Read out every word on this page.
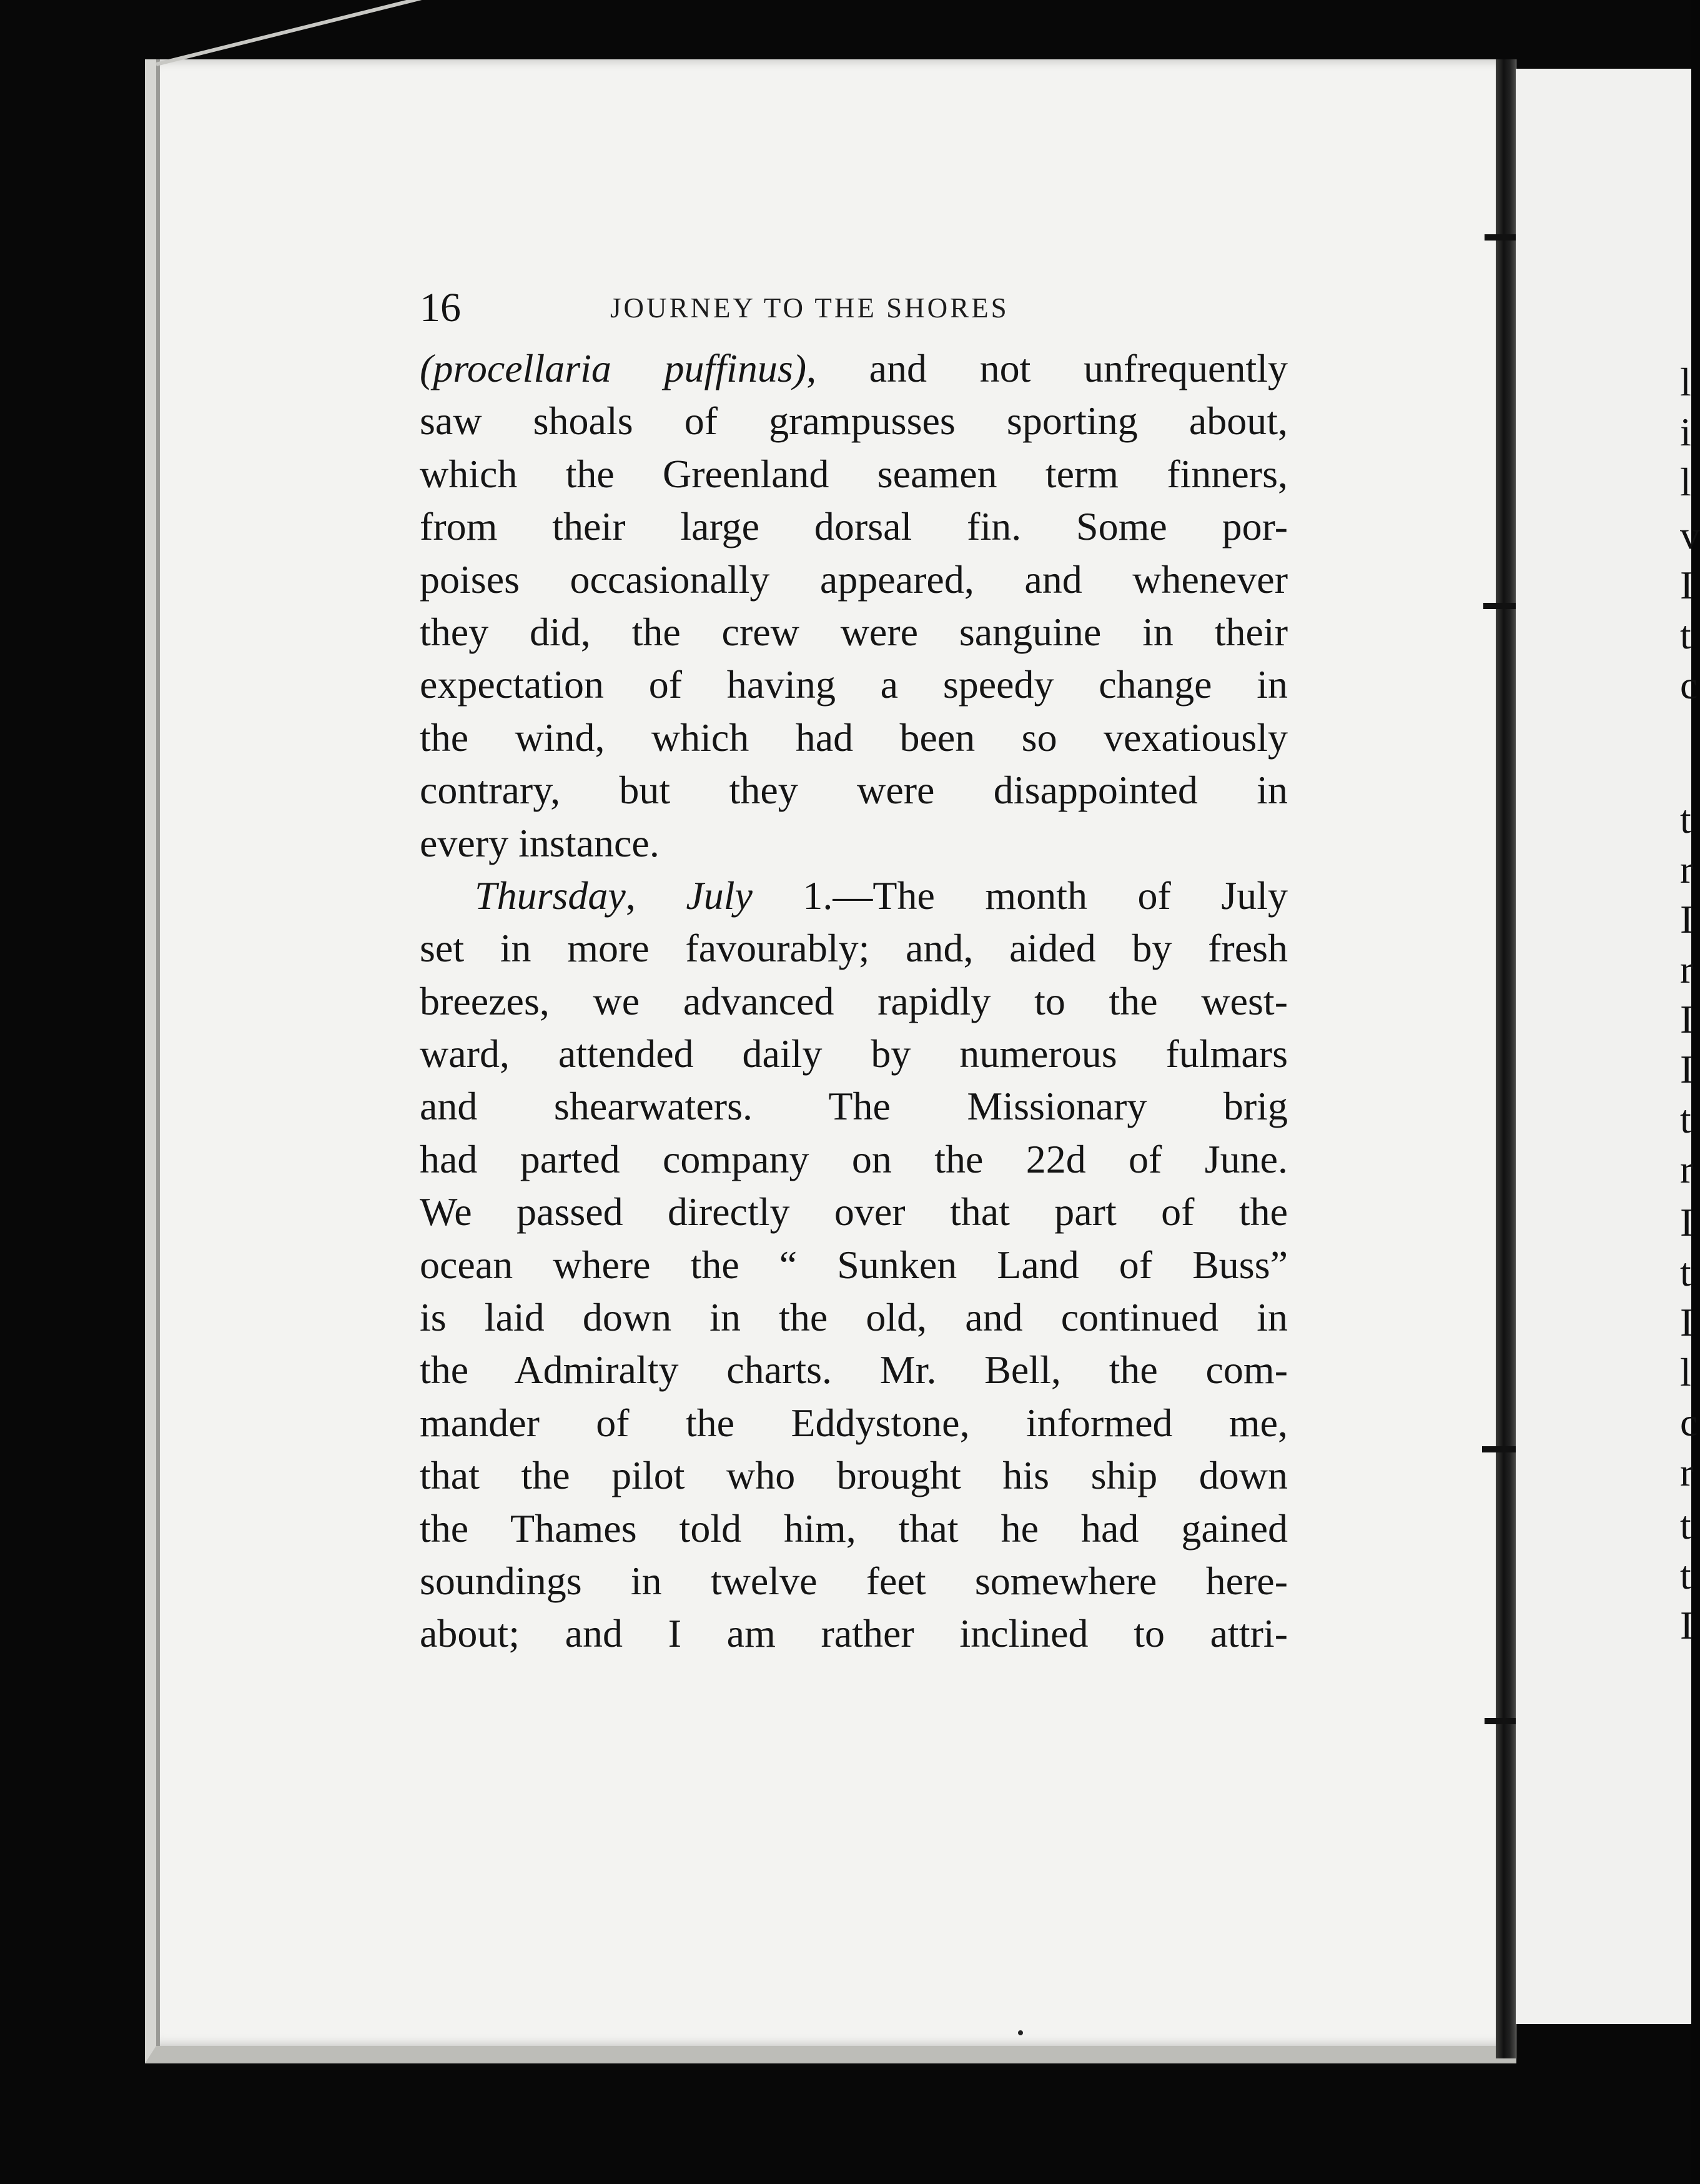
l
i
l
v
I
t
c
t
r
I
r
I
I
t
r
I
t
I
l
c
r
t
t
I
16	JOURNEY TO THE SHORES
(procellaria puffinus), and not unfrequently
saw shoals of grampusses sporting about,
which the Greenland seamen term finners,
from their large dorsal fin. Some por-
poises occasionally appeared, and whenever
they did, the crew were sanguine in their
expectation of having a speedy change in
the wind, which had been so vexatiously
contrary, but they were disappointed in
every instance.
Thursday, July 1.—The month of July
set in more favourably; and, aided by fresh
breezes, we advanced rapidly to the west-
ward, attended daily by numerous fulmars
and shearwaters. The Missionary brig
had parted company on the 22d of June.
We passed directly over that part of the
ocean where the “ Sunken Land of Buss”
is laid down in the old, and continued in
the Admiralty charts. Mr. Bell, the com-
mander of the Eddystone, informed me,
that the pilot who brought his ship down
the Thames told him, that he had gained
soundings in twelve feet somewhere here-
about; and I am rather inclined to attri-
